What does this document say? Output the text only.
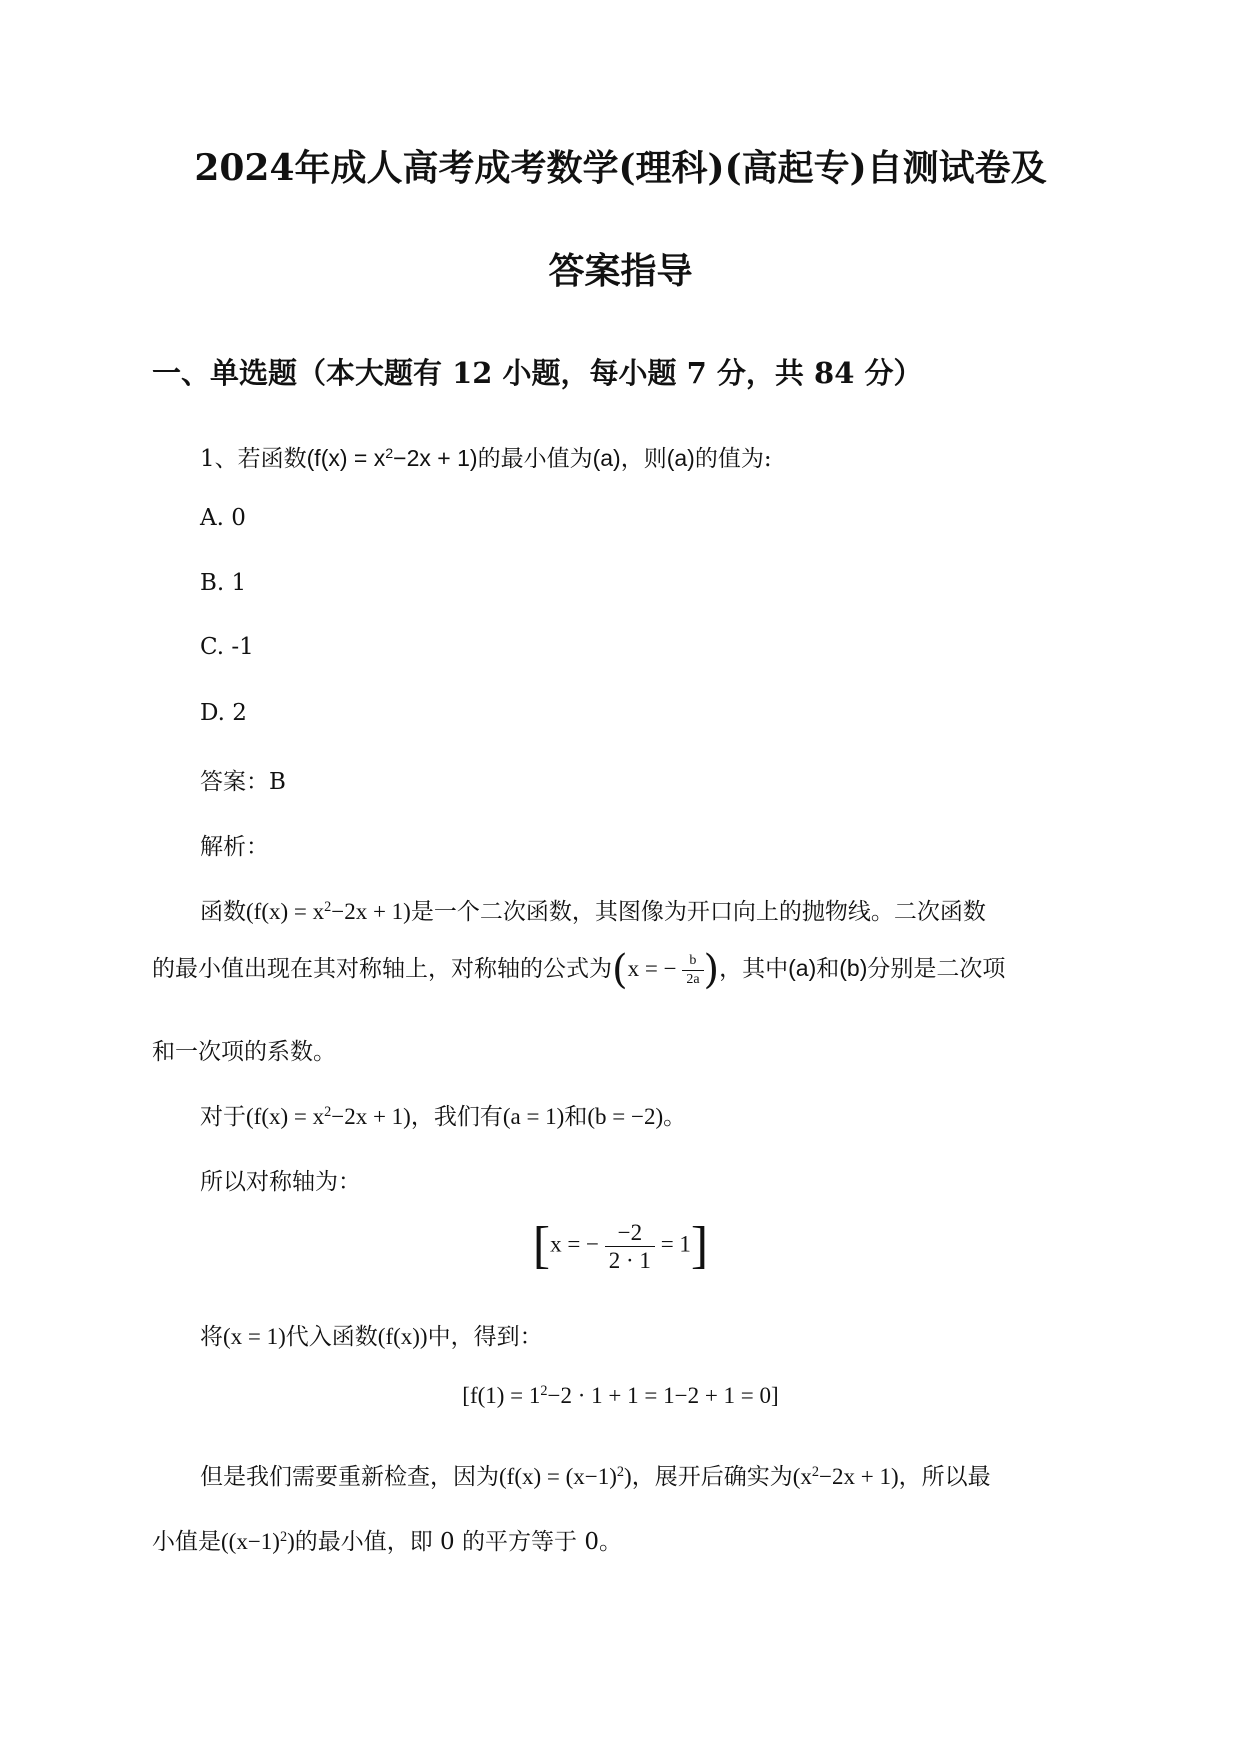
2024年成人高考成考数学(理科)(高起专)自测试卷及
答案指导
一、单选题（本大题有 12 小题，每小题 7 分，共 84 分）
1、若函数$(f(x) = x^2-2x + 1)$的最小值为(a)，则(a)的值为:
A. 0
B. 1
C. -1
D. 2
答案：B
解析：
函数$(f(x) = x^2-2x + 1)$是一个二次函数，其图像为开口向上的抛物线。二次函数
的最小值出现在其对称轴上，对称轴的公式为(x = − $\frac{b}{2a}$ )，其中(a)和(b)分别是二次项
和一次项的系数。
对于$(f(x) = x^2-2x + 1)$，我们有(a = 1)和(b = −2)。
所以对称轴为：
[x = − $\frac{-2}{2 \cdot 1} = 1$]
将(x = 1)代入函数(f(x))中，得到：
$[f(1) = 1^2-2 \cdot 1 + 1 = 1-2 + 1 = 0]$
但是我们需要重新检查，因为$(f(x) = (x-1)^2)$，展开后确实为$(x^2-2x + 1)$，所以最
小值是$((x-1)^2)$的最小值，即 0 的平方等于 0。
